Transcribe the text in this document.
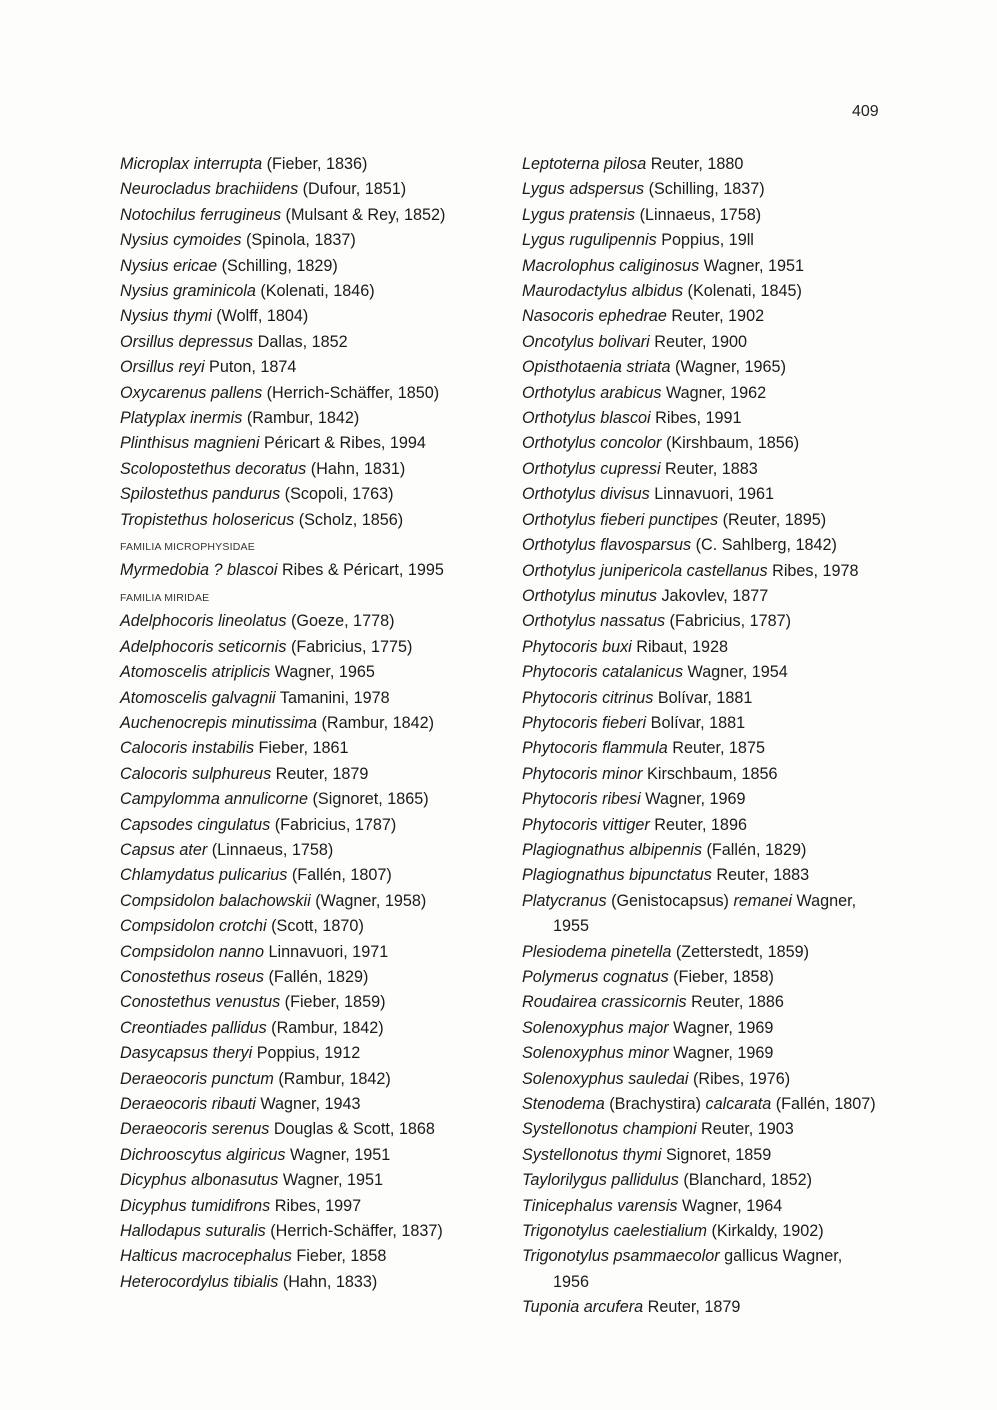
409
Microplax interrupta (Fieber, 1836)
Neurocladus brachiidens (Dufour, 1851)
Notochilus ferrugineus (Mulsant & Rey, 1852)
Nysius cymoides (Spinola, 1837)
Nysius ericae (Schilling, 1829)
Nysius graminicola (Kolenati, 1846)
Nysius thymi (Wolff, 1804)
Orsillus depressus Dallas, 1852
Orsillus reyi Puton, 1874
Oxycarenus pallens (Herrich-Schäffer, 1850)
Platyplax inermis (Rambur, 1842)
Plinthisus magnieni Péricart & Ribes, 1994
Scolopostethus decoratus (Hahn, 1831)
Spilostethus pandurus (Scopoli, 1763)
Tropistethus holosericus (Scholz, 1856)
FAMILIA MICROPHYSIDAE
Myrmedobia ? blascoi Ribes & Péricart, 1995
FAMILIA MIRIDAE
Adelphocoris lineolatus (Goeze, 1778)
Adelphocoris seticornis (Fabricius, 1775)
Atomoscelis atriplicis Wagner, 1965
Atomoscelis galvagnii Tamanini, 1978
Auchenocrepis minutissima (Rambur, 1842)
Calocoris instabilis Fieber, 1861
Calocoris sulphureus Reuter, 1879
Campylomma annulicorne (Signoret, 1865)
Capsodes cingulatus (Fabricius, 1787)
Capsus ater (Linnaeus, 1758)
Chlamydatus pulicarius (Fallén, 1807)
Compsidolon balachowskii (Wagner, 1958)
Compsidolon crotchi (Scott, 1870)
Compsidolon nanno Linnavuori, 1971
Conostethus roseus (Fallén, 1829)
Conostethus venustus (Fieber, 1859)
Creontiades pallidus (Rambur, 1842)
Dasycapsus theryi Poppius, 1912
Deraeocoris punctum (Rambur, 1842)
Deraeocoris ribauti Wagner, 1943
Deraeocoris serenus Douglas & Scott, 1868
Dichrooscytus algiricus Wagner, 1951
Dicyphus albonasutus Wagner, 1951
Dicyphus tumidifrons Ribes, 1997
Hallodapus suturalis (Herrich-Schäffer, 1837)
Halticus macrocephalus Fieber, 1858
Heterocordylus tibialis (Hahn, 1833)
Leptoterna pilosa Reuter, 1880
Lygus adspersus (Schilling, 1837)
Lygus pratensis (Linnaeus, 1758)
Lygus rugulipennis Poppius, 19ll
Macrolophus caliginosus Wagner, 1951
Maurodactylus albidus (Kolenati, 1845)
Nasocoris ephedrae Reuter, 1902
Oncotylus bolivari Reuter, 1900
Opisthotaenia striata (Wagner, 1965)
Orthotylus arabicus Wagner, 1962
Orthotylus blascoi Ribes, 1991
Orthotylus concolor (Kirshbaum, 1856)
Orthotylus cupressi Reuter, 1883
Orthotylus divisus Linnavuori, 1961
Orthotylus fieberi punctipes (Reuter, 1895)
Orthotylus flavosparsus (C. Sahlberg, 1842)
Orthotylus junipericola castellanus Ribes, 1978
Orthotylus minutus Jakovlev, 1877
Orthotylus nassatus (Fabricius, 1787)
Phytocoris buxi Ribaut, 1928
Phytocoris catalanicus Wagner, 1954
Phytocoris citrinus Bolívar, 1881
Phytocoris fieberi Bolívar, 1881
Phytocoris flammula Reuter, 1875
Phytocoris minor Kirschbaum, 1856
Phytocoris ribesi Wagner, 1969
Phytocoris vittiger Reuter, 1896
Plagiognathus albipennis (Fallén, 1829)
Plagiognathus bipunctatus Reuter, 1883
Platycranus (Genistocapsus) remanei Wagner,
1955
Plesiodema pinetella (Zetterstedt, 1859)
Polymerus cognatus (Fieber, 1858)
Roudairea crassicornis Reuter, 1886
Solenoxyphus major Wagner, 1969
Solenoxyphus minor Wagner, 1969
Solenoxyphus sauledai (Ribes, 1976)
Stenodema (Brachystira) calcarata (Fallén, 1807)
Systellonotus championi Reuter, 1903
Systellonotus thymi Signoret, 1859
Taylorilygus pallidulus (Blanchard, 1852)
Tinicephalus varensis Wagner, 1964
Trigonotylus caelestialium (Kirkaldy, 1902)
Trigonotylus psammaecolor gallicus Wagner,
1956
Tuponia arcufera Reuter, 1879
